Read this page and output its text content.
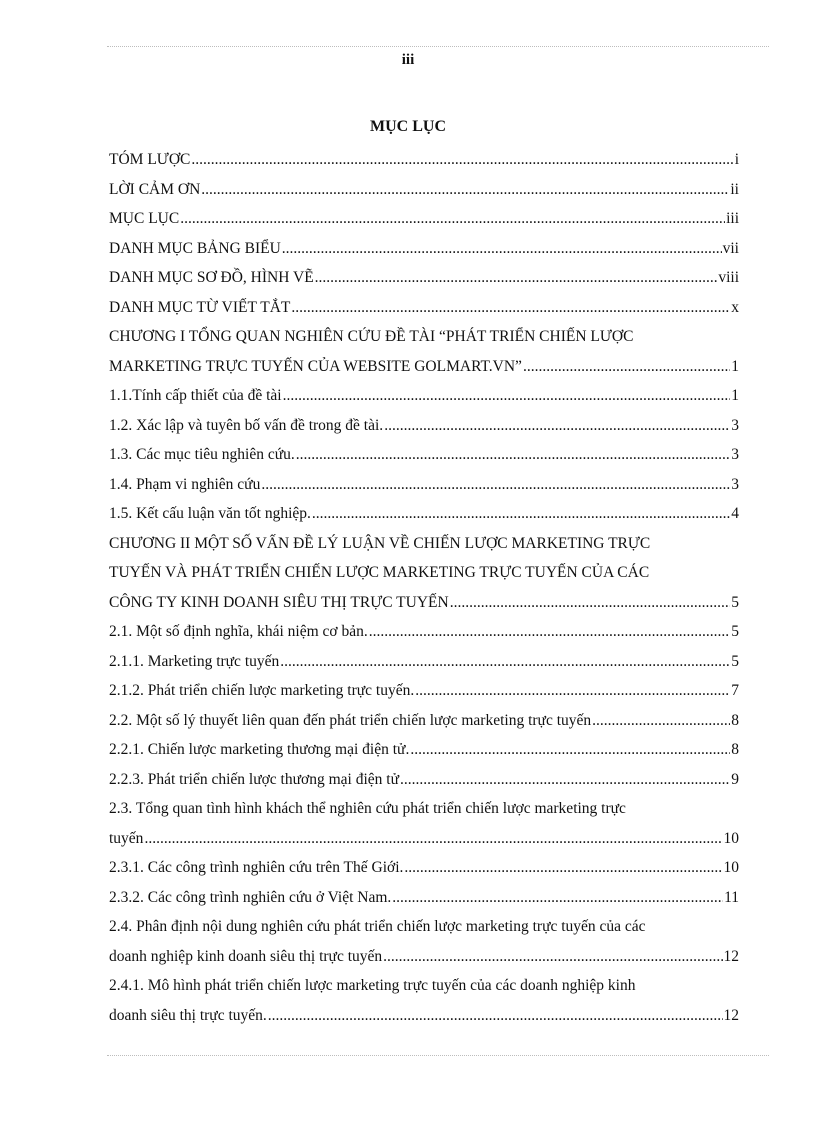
iii
MỤC LỤC
TÓM LƯỢC .....	i
LỜI CẢM ƠN .....	ii
MỤC LỤC .....	iii
DANH MỤC BẢNG BIỂU .....	vii
DANH MỤC SƠ ĐỒ, HÌNH VẼ .....	viii
DANH MỤC TỪ VIẾT TẮT .....	x
CHƯƠNG I TỔNG QUAN NGHIÊN CỨU ĐỀ TÀI “PHÁT TRIỂN CHIẾN LƯỢC
MARKETING TRỰC TUYẾN CỦA WEBSITE GOLMART.VN” .....	1
1.1.Tính cấp thiết của đề tài .....	1
1.2. Xác lập và tuyên bố vấn đề trong đề tài. .....	3
1.3. Các mục tiêu nghiên cứu. .....	3
1.4. Phạm vi nghiên cứu .....	3
1.5. Kết cấu luận văn tốt nghiệp. .....	4
CHƯƠNG II MỘT SỐ VẤN ĐỀ LÝ LUẬN VỀ CHIẾN LƯỢC MARKETING TRỰC
TUYẾN VÀ PHÁT TRIỂN CHIẾN LƯỢC MARKETING TRỰC TUYẾN CỦA CÁC
CÔNG TY KINH DOANH SIÊU THỊ TRỰC TUYẾN .....	5
2.1. Một số định nghĩa, khái niệm cơ bản. .....	5
2.1.1. Marketing trực tuyến .....	5
2.1.2. Phát triển chiến lược marketing trực tuyến. .....	7
2.2. Một số lý thuyết liên quan đến phát triển chiến lược marketing trực tuyến .....	8
2.2.1. Chiến lược marketing thương mại điện tử. .....	8
2.2.3. Phát triển chiến lược thương mại điện tử .....	9
2.3. Tổng quan tình hình khách thể nghiên cứu phát triển chiến lược marketing trực
tuyến .....	10
2.3.1. Các công trình nghiên cứu trên Thế Giới. .....	10
2.3.2. Các công trình nghiên cứu ở Việt Nam. .....	11
2.4. Phân định nội dung nghiên cứu phát triển chiến lược marketing trực tuyến của các
doanh nghiệp kinh doanh siêu thị trực tuyến .....	12
2.4.1. Mô hình phát triển chiến lược marketing trực tuyến của các doanh nghiệp kinh
doanh siêu thị trực tuyến. .....	12
